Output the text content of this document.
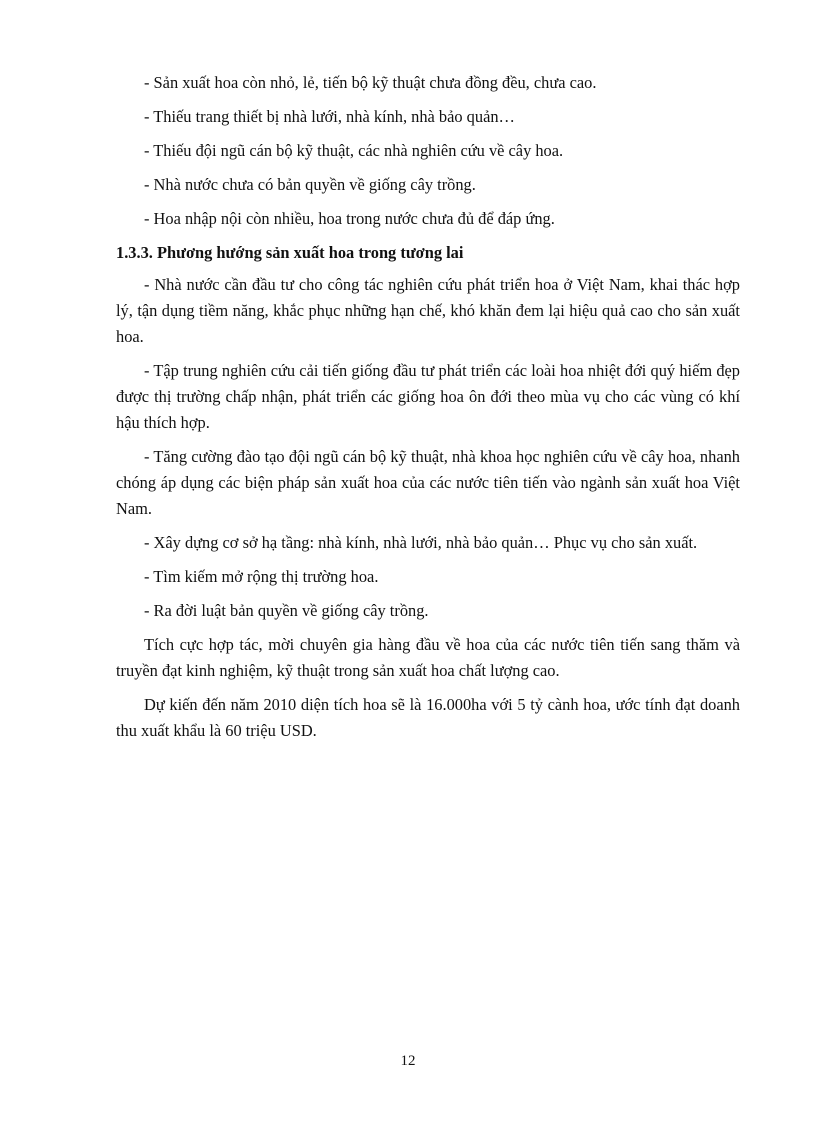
- Sản xuất hoa còn nhỏ, lẻ, tiến bộ kỹ thuật chưa đồng đều, chưa cao.

- Thiếu trang thiết bị nhà lưới, nhà kính, nhà bảo quản…

- Thiếu đội ngũ cán bộ kỹ thuật, các nhà nghiên cứu về cây hoa.

- Nhà nước chưa có bản quyền về giống cây trồng.

- Hoa nhập nội còn nhiều, hoa trong nước chưa đủ để đáp ứng.

1.3.3. Phương hướng sản xuất hoa trong tương lai

- Nhà nước cần đầu tư cho công tác nghiên cứu phát triển hoa ở Việt Nam, khai thác hợp lý, tận dụng tiềm năng, khắc phục những hạn chế, khó khăn đem lại hiệu quả cao cho sản xuất hoa.

- Tập trung nghiên cứu cải tiến giống đầu tư phát triển các loài hoa nhiệt đới quý hiếm đẹp được thị trường chấp nhận, phát triển các giống hoa ôn đới theo mùa vụ cho các vùng có khí hậu thích hợp.

- Tăng cường đào tạo đội ngũ cán bộ kỹ thuật, nhà khoa học nghiên cứu về cây hoa, nhanh chóng áp dụng các biện pháp sản xuất hoa của các nước tiên tiến vào ngành sản xuất hoa Việt Nam.

- Xây dựng cơ sở hạ tầng: nhà kính, nhà lưới, nhà bảo quản… Phục vụ cho sản xuất.

- Tìm kiếm mở rộng thị trường hoa.

- Ra đời luật bản quyền về giống cây trồng.

Tích cực hợp tác, mời chuyên gia hàng đầu về hoa của các nước tiên tiến sang thăm và truyền đạt kinh nghiệm, kỹ thuật trong sản xuất hoa chất lượng cao.

Dự kiến đến năm 2010 diện tích hoa sẽ là 16.000ha với 5 tỷ cành hoa, ước tính đạt doanh thu xuất khẩu là 60 triệu USD.

12
